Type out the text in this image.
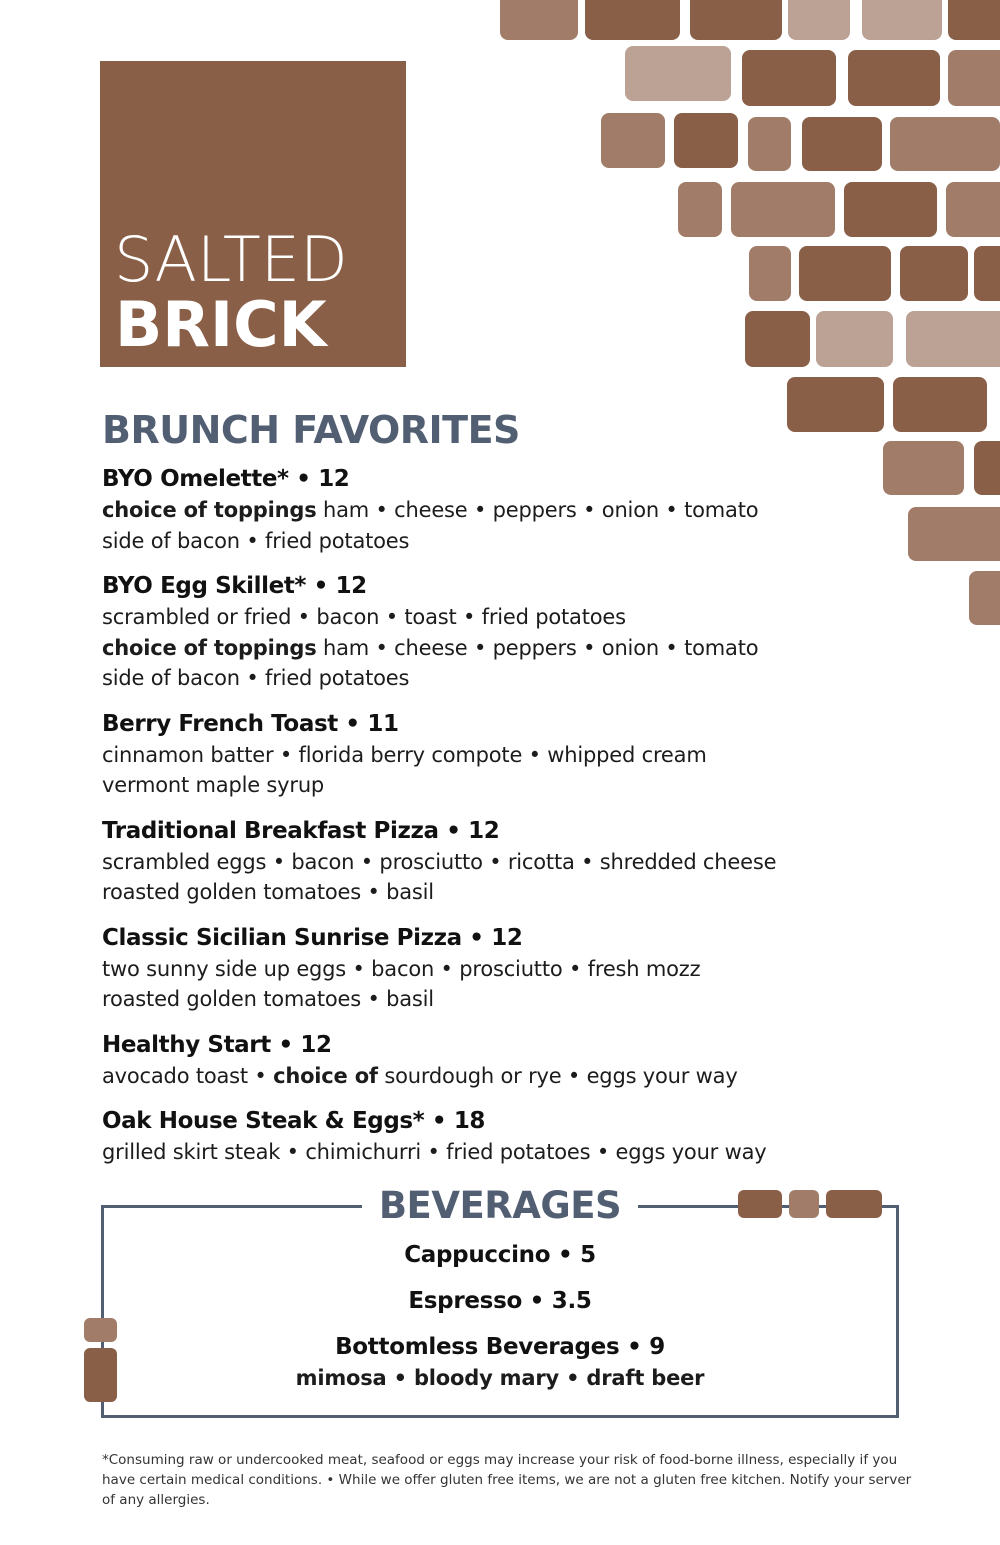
SALTED
BRICK
BRUNCH FAVORITES
BYO Omelette* • 12
choice of toppings ham • cheese • peppers • onion • tomato
side of bacon • fried potatoes
BYO Egg Skillet* • 12
scrambled or fried • bacon • toast • fried potatoes
choice of toppings ham • cheese • peppers • onion • tomato
side of bacon • fried potatoes
Berry French Toast • 11
cinnamon batter • florida berry compote • whipped cream
vermont maple syrup
Traditional Breakfast Pizza • 12
scrambled eggs • bacon • prosciutto • ricotta • shredded cheese
roasted golden tomatoes • basil
Classic Sicilian Sunrise Pizza • 12
two sunny side up eggs • bacon • prosciutto • fresh mozz
roasted golden tomatoes • basil
Healthy Start • 12
avocado toast • choice of sourdough or rye • eggs your way
Oak House Steak & Eggs* • 18
grilled skirt steak • chimichurri • fried potatoes • eggs your way
BEVERAGES
Cappuccino • 5
Espresso • 3.5
Bottomless Beverages • 9
mimosa • bloody mary • draft beer
*Consuming raw or undercooked meat, seafood or eggs may increase your risk of food-borne illness, especially if you have certain medical conditions. • While we offer gluten free items, we are not a gluten free kitchen. Notify your server of any allergies.
